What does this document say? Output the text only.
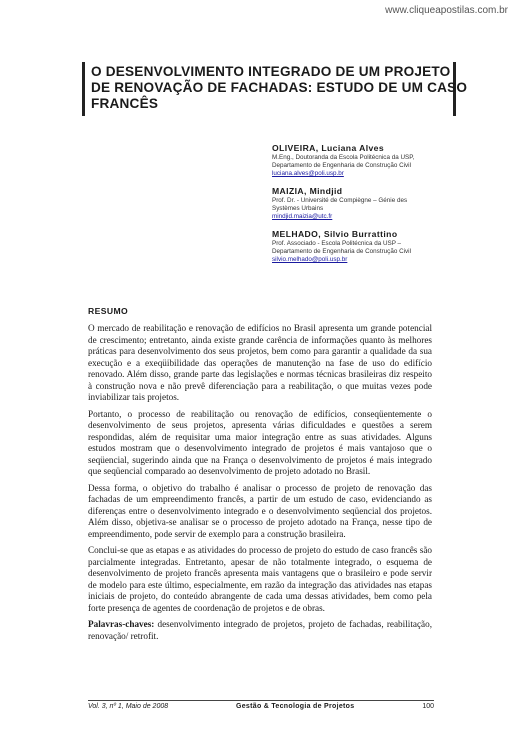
www.cliqueapostilas.com.br
O DESENVOLVIMENTO INTEGRADO DE UM PROJETO
DE RENOVAÇÃO DE FACHADAS: ESTUDO DE UM CASO
FRANCÊS
OLIVEIRA, Luciana Alves
M.Eng., Doutoranda da Escola Politécnica da USP,
Departamento de Engenharia de Construção Civil
luciana.alves@poli.usp.br
MAIZIA, Mindjid
Prof. Dr. - Université de Compiègne – Génie des
Systèmes Urbains
mindjid.maizia@utc.fr
MELHADO, Silvio Burrattino
Prof. Associado - Escola Politécnica da USP –
Departamento de Engenharia de Construção Civil
silvio.melhado@poli.usp.br
RESUMO

O mercado de reabilitação e renovação de edifícios no Brasil apresenta um grande potencial de crescimento; entretanto, ainda existe grande carência de informações quanto às melhores práticas para desenvolvimento dos seus projetos, bem como para garantir a qualidade da sua execução e a exeqüibilidade das operações de manutenção na fase de uso do edifício renovado. Além disso, grande parte das legislações e normas técnicas brasileiras diz respeito à construção nova e não prevê diferenciação para a reabilitação, o que muitas vezes pode inviabilizar tais projetos.

Portanto, o processo de reabilitação ou renovação de edifícios, conseqüentemente o desenvolvimento de seus projetos, apresenta várias dificuldades e questões a serem respondidas, além de requisitar uma maior integração entre as suas atividades. Alguns estudos mostram que o desenvolvimento integrado de projetos é mais vantajoso que o seqüencial, sugerindo ainda que na França o desenvolvimento de projetos é mais integrado que seqüencial comparado ao desenvolvimento de projeto adotado no Brasil.

Dessa forma, o objetivo do trabalho é analisar o processo de projeto de renovação das fachadas de um empreendimento francês, a partir de um estudo de caso, evidenciando as diferenças entre o desenvolvimento integrado e o desenvolvimento seqüencial dos projetos. Além disso, objetiva-se analisar se o processo de projeto adotado na França, nesse tipo de empreendimento, pode servir de exemplo para a construção brasileira.

Conclui-se que as etapas e as atividades do processo de projeto do estudo de caso francês são parcialmente integradas. Entretanto, apesar de não totalmente integrado, o esquema de desenvolvimento de projeto francês apresenta mais vantagens que o brasileiro e pode servir de modelo para este último, especialmente, em razão da integração das atividades nas etapas iniciais de projeto, do conteúdo abrangente de cada uma dessas atividades, bem como pela forte presença de agentes de coordenação de projetos e de obras.

Palavras-chaves: desenvolvimento integrado de projetos, projeto de fachadas, reabilitação, renovação/ retrofit.

Vol. 3, nº 1, Maio de 2008	Gestão & Tecnologia de Projetos	100
